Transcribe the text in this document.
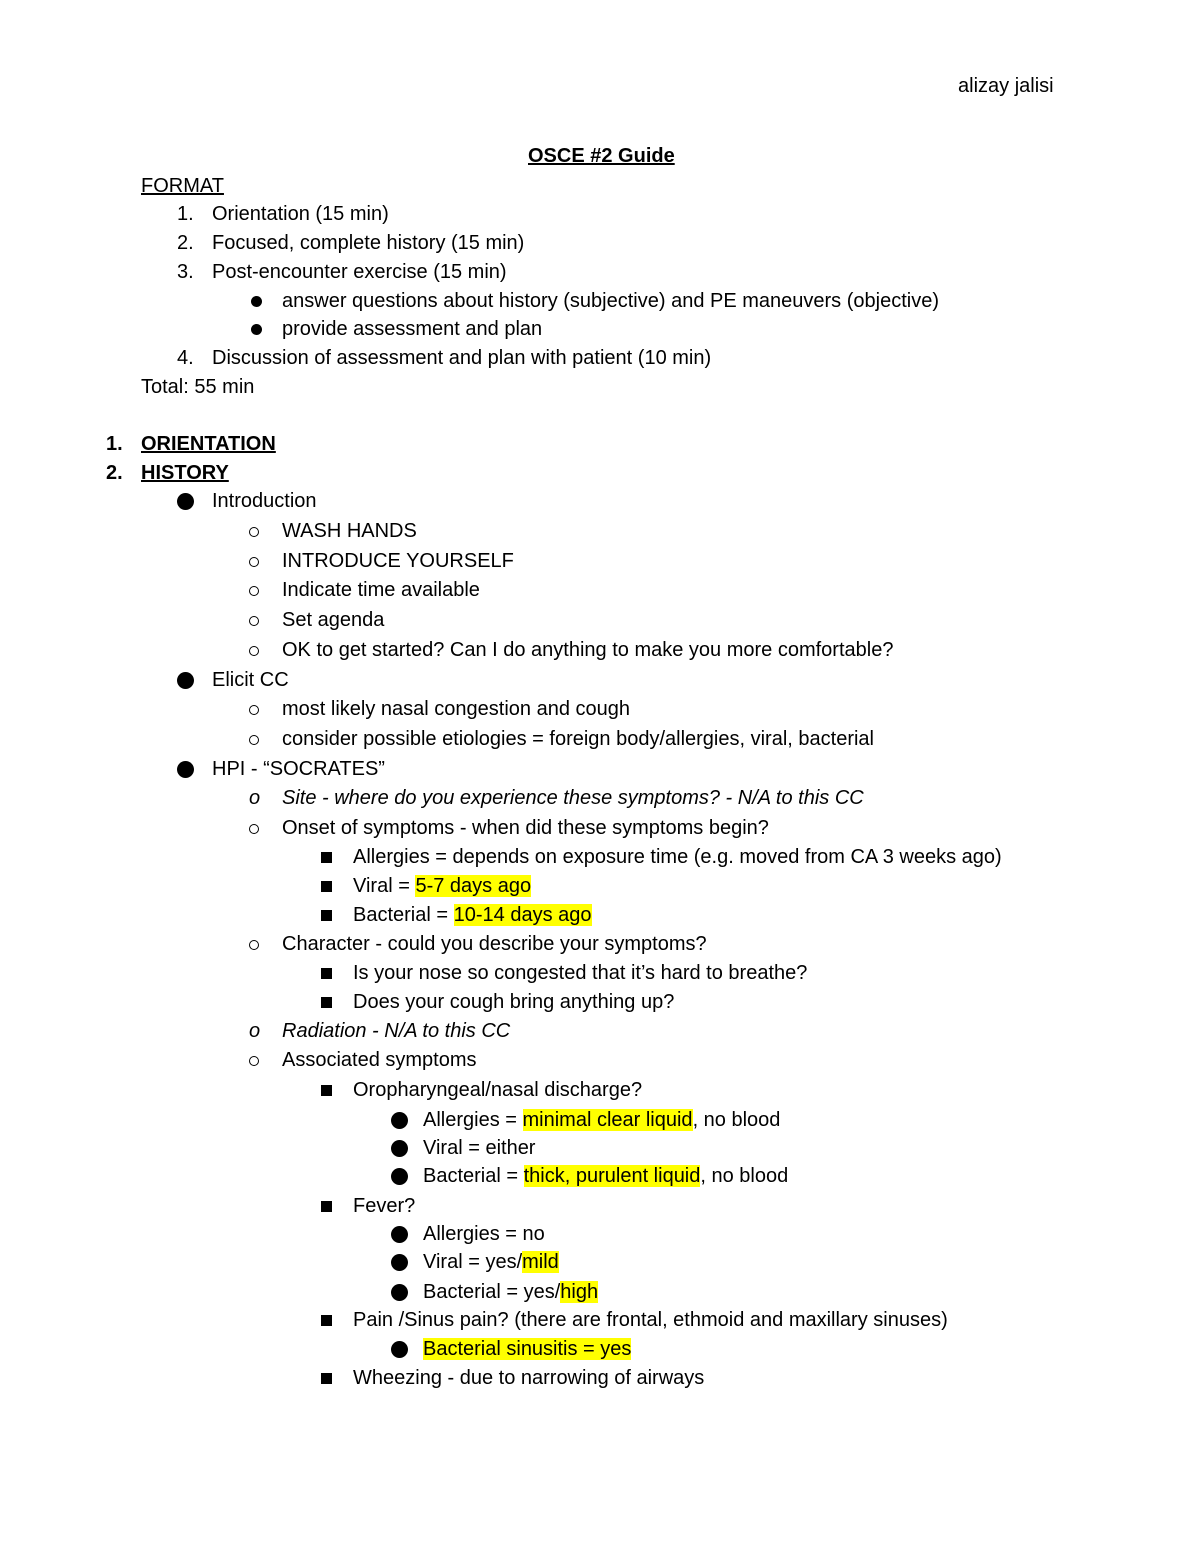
alizay jalisi
OSCE #2 Guide
FORMAT
1. Orientation (15 min)
2. Focused, complete history (15 min)
3. Post-encounter exercise (15 min)
answer questions about history (subjective) and PE maneuvers (objective)
provide assessment and plan
4. Discussion of assessment and plan with patient (10 min)
Total: 55 min
1. ORIENTATION
2. HISTORY
Introduction
WASH HANDS
INTRODUCE YOURSELF
Indicate time available
Set agenda
OK to get started? Can I do anything to make you more comfortable?
Elicit CC
most likely nasal congestion and cough
consider possible etiologies = foreign body/allergies, viral, bacterial
HPI - “SOCRATES”
o Site - where do you experience these symptoms? - N/A to this CC
Onset of symptoms - when did these symptoms begin?
Allergies = depends on exposure time (e.g. moved from CA 3 weeks ago)
Viral = 5-7 days ago
Bacterial = 10-14 days ago
Character - could you describe your symptoms?
Is your nose so congested that it’s hard to breathe?
Does your cough bring anything up?
o Radiation - N/A to this CC
Associated symptoms
Oropharyngeal/nasal discharge?
Allergies = minimal clear liquid, no blood
Viral = either
Bacterial = thick, purulent liquid, no blood
Fever?
Allergies = no
Viral = yes/mild
Bacterial = yes/high
Pain /Sinus pain? (there are frontal, ethmoid and maxillary sinuses)
Bacterial sinusitis = yes
Wheezing - due to narrowing of airways
